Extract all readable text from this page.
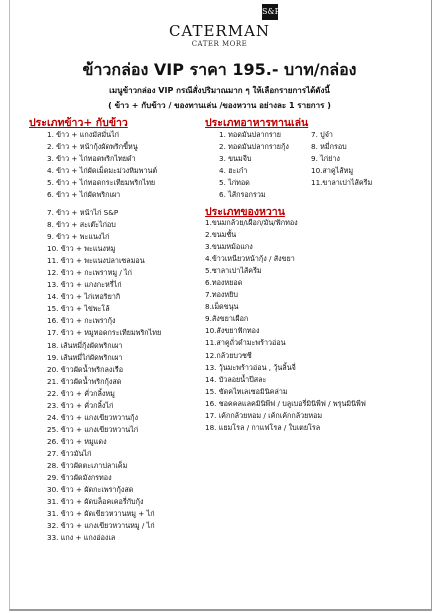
S&P
CATERMAN
CATER MORE
ข้าวกล่อง VIP ราคา 195.- บาท/กล่อง
เมนูข้าวกล่อง VIP กรณีสั่งปริมาณมาก ๆ ให้เลือกรายการได้ดังนี้
( ข้าว + กับข้าว / ของทานเล่น /ของหวาน อย่างละ 1 รายการ )
ประเภทข้าว+ กับข้าว
1. ข้าว + แกงมัสมั่นไก่
2. ข้าว + หน้ากุ้งผัดพริกขี้หนู
3. ข้าว + ไก่ทอดพริกไทยดำ
4. ข้าว + ไก่ผัดเม็ดมะม่วงหิมพานต์
5. ข้าว + ไก่ทอดกระเทียมพริกไทย
6. ข้าว + ไก่ผัดพริกเผา
7. ข้าว + หน้าไก่ S&P
8. ข้าว + สะเต๊ะไก่อบ
9. ข้าว + พะแนงไก่
10. ข้าว + พะแนงหมู
11. ข้าว + พะแนงปลาเซลมอน
12. ข้าว + กะเพราหมู / ไก่
13. ข้าว + แกงกะหรี่ไก่
14. ข้าว + ไก่เทอริยากิ
15. ข้าว + ไข่พะโล้
16. ข้าว + กะเพรากุ้ง
17. ข้าว + หมูทอดกระเทียมพริกไทย
18. เส้นหมี่กุ้งผัดพริกเผา
19. เส้นหมี่ไก่ผัดพริกเผา
20. ข้าวผัดน้ำพริกลงเรือ
21. ข้าวผัดน้ำพริกกุ้งสด
22. ข้าว + คั่วกลิ้งหมู
23. ข้าว + คั่วกลิ้งไก่
24. ข้าว + แกงเขียวหวานกุ้ง
25. ข้าว + แกงเขียวหวานไก่
26. ข้าว + หมูแดง
27. ข้าวมันไก่
28. ข้าวผัดตะเภาปลาเค็ม
29. ข้าวผัดมังกรทอง
30. ข้าว + ผัดกะเพรากุ้งสด
31. ข้าว + ผัดบล็อคเคอรี่กับกุ้ง
31. ข้าว + ผัดเขียวหวานหมู + ไก่
32. ข้าว + แกงเขียวหวานหมู / ไก่
33. แกง + แกงอ่องเล
ประเภทอาหารทานเล่น
1. ทอดมันปลากราย
2. ทอดมันปลากรายกุ้ง
3. ขนมจีบ
4. ฮะเก๋า
5. ไก่ทอด
6. ไส้กรอกรวม
7. ปูจ๋า
8. หมี่กรอบ
9. ไก่ย่าง
10.สาคูไส้หมู
11.ขาลาเปาไส้ครีม
ประเภทของหวาน
1.ขนมกล้วย/เผือก/มัน/ฟักทอง
2.ขนมชั้น
3.ขนมหม้อแกง
4.ข้าวเหนียวหน้ากุ้ง / สังขยา
5.ซาลาเปาไส้ครีม
6.ทองหยอด
7.ทองหยิบ
8.เม็ดขนุน
9.สังขยาเผือก
10.สังขยาฟักทอง
11.สาคูถั่วดำมะพร้าวอ่อน
12.กล้วยบวชชี
13. วุ้นมะพร้าวอ่อน , วุ้นลิ้นจี่
14. บัวลอยน้ำปีสละ
15. ขัดคไทเลเซอมินิคล่าม
16. ชอคคลแลคมินิพีฟ / บลูเบอรี่มินิพีฟ / พรุนมินิพีฟ
17. เค้กกล้วยหอม / เค้กเค้กกล้วยหอม
18. แยมโรล / กาแฟโรล / ใบเตยโรล
